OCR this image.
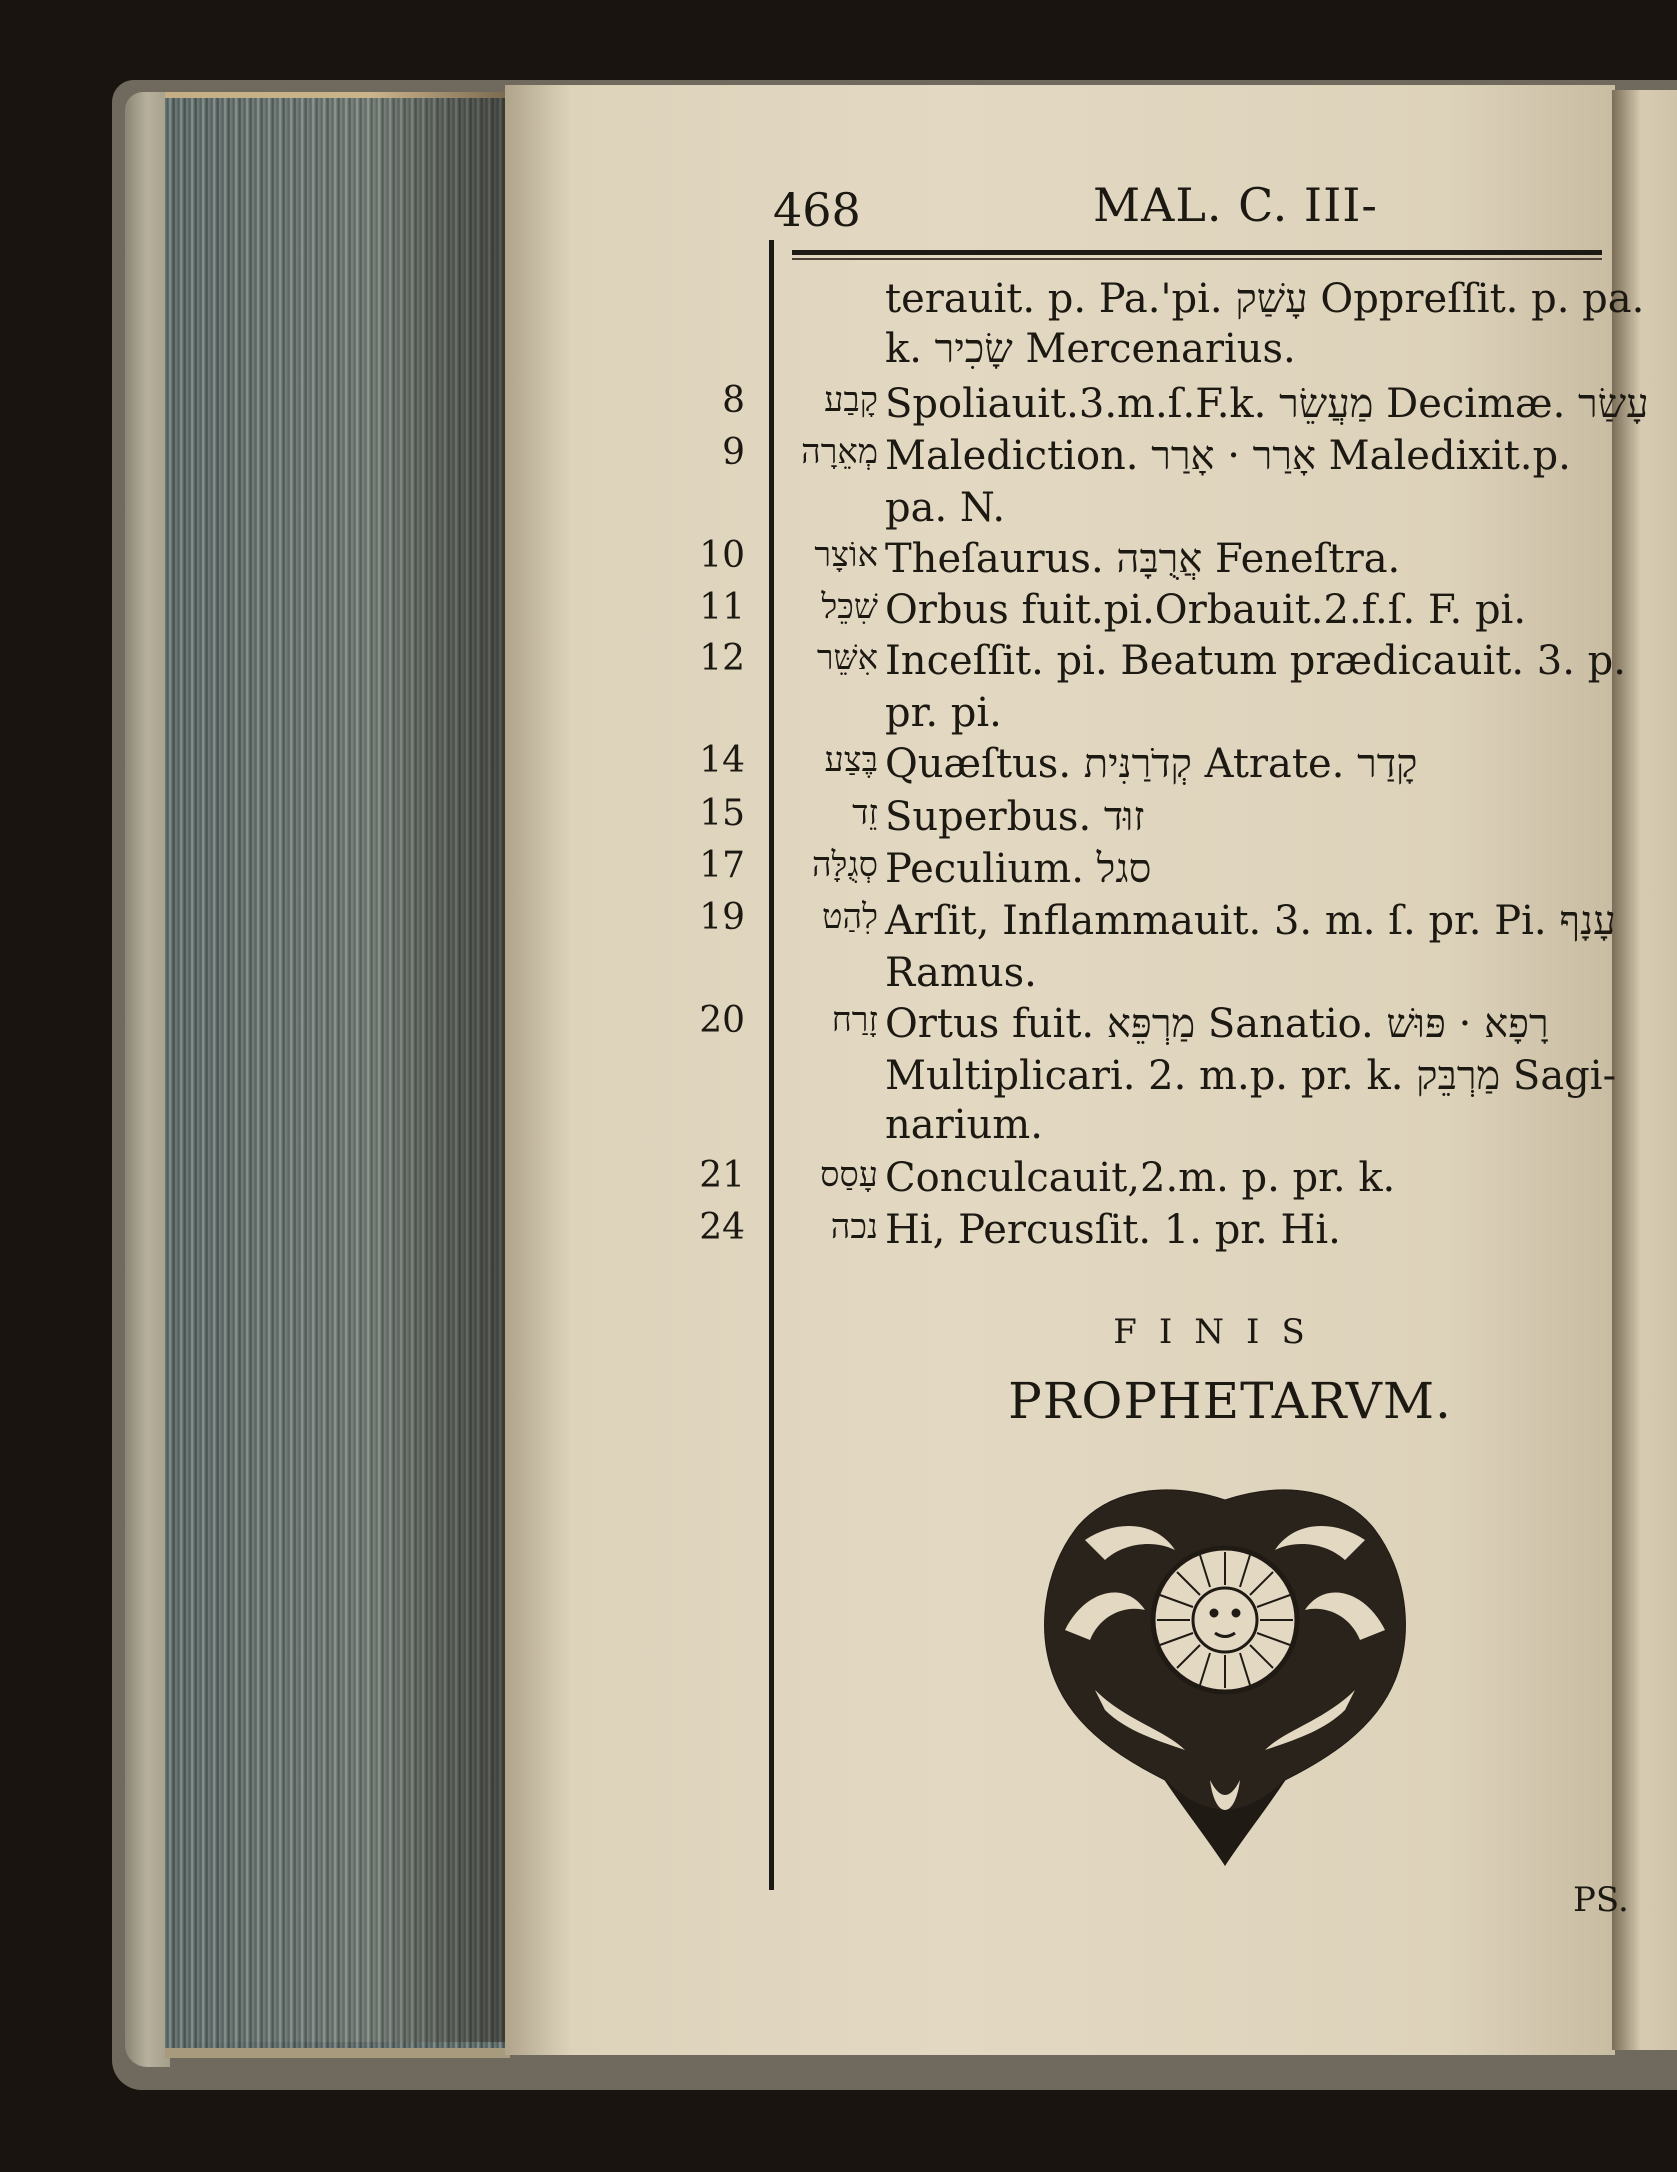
468	MAL. C. III-
terauit. p. Pa.'pi. עָשַׁק Oppreſſit. p. pa.
k. שָׂכִיר Mercenarius.
8	קָבַע Spoliauit.3.m.ſ.F.k. מַעֲשֵׂר Decimæ. עָשַׂר
9	מְאֵרָה Malediction. אָרַר · אָרַר Maledixit.p.
pa. N.
10	אוֹצָר Theſaurus. אֲרֻבָּה Feneſtra.
11	שִׁכֵּל Orbus fuit.pi.Orbauit.2.f.ſ. F. pi.
12	אִשֵּׁר Inceſſit. pi. Beatum prædicauit. 3. p.
pr. pi.
14	בֶּצַע Quæſtus. קְדֹרַנִּית Atrate. קָדַר
15	זֵד Superbus. זוּד
17	סְגֻלָּה Peculium. סגל
19	לִהַט Arſit, Inflammauit. 3. m. ſ. pr. Pi. עָנָף
Ramus.
20	זָרַח Ortus fuit. מַרְפֵּא Sanatio. רָפָא · פּוּשׁ
Multiplicari. 2. m.p. pr. k. מַרְבֵּק Sagi-
narium.
21	עָסַס Conculcauit,2.m. p. pr. k.
24	נכה Hi, Percusſit. 1. pr. Hi.
FINIS
PROPHETARVM.
PS.
